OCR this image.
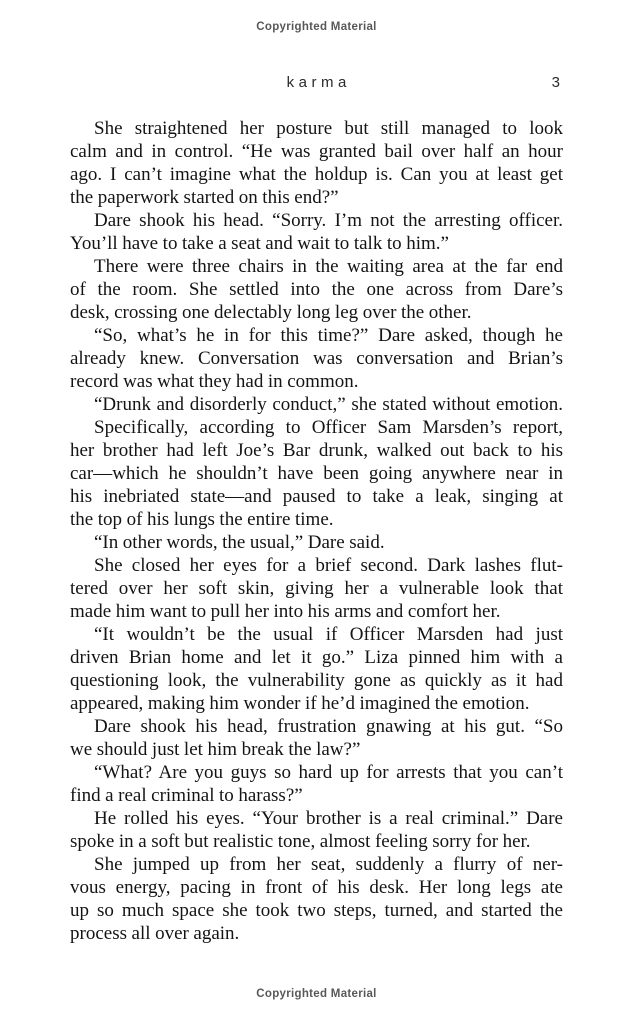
Copyrighted Material
karma	3
She straightened her posture but still managed to look
calm and in control. “He was granted bail over half an hour
ago. I can’t imagine what the holdup is. Can you at least get
the paperwork started on this end?”
Dare shook his head. “Sorry. I’m not the arresting officer.
You’ll have to take a seat and wait to talk to him.”
There were three chairs in the waiting area at the far end
of the room. She settled into the one across from Dare’s
desk, crossing one delectably long leg over the other.
“So, what’s he in for this time?” Dare asked, though he
already knew. Conversation was conversation and Brian’s
record was what they had in common.
“Drunk and disorderly conduct,” she stated without emotion.
Specifically, according to Officer Sam Marsden’s report,
her brother had left Joe’s Bar drunk, walked out back to his
car—which he shouldn’t have been going anywhere near in
his inebriated state—and paused to take a leak, singing at
the top of his lungs the entire time.
“In other words, the usual,” Dare said.
She closed her eyes for a brief second. Dark lashes flut-
tered over her soft skin, giving her a vulnerable look that
made him want to pull her into his arms and comfort her.
“It wouldn’t be the usual if Officer Marsden had just
driven Brian home and let it go.” Liza pinned him with a
questioning look, the vulnerability gone as quickly as it had
appeared, making him wonder if he’d imagined the emotion.
Dare shook his head, frustration gnawing at his gut. “So
we should just let him break the law?”
“What? Are you guys so hard up for arrests that you can’t
find a real criminal to harass?”
He rolled his eyes. “Your brother is a real criminal.” Dare
spoke in a soft but realistic tone, almost feeling sorry for her.
She jumped up from her seat, suddenly a flurry of ner-
vous energy, pacing in front of his desk. Her long legs ate
up so much space she took two steps, turned, and started the
process all over again.
Copyrighted Material
